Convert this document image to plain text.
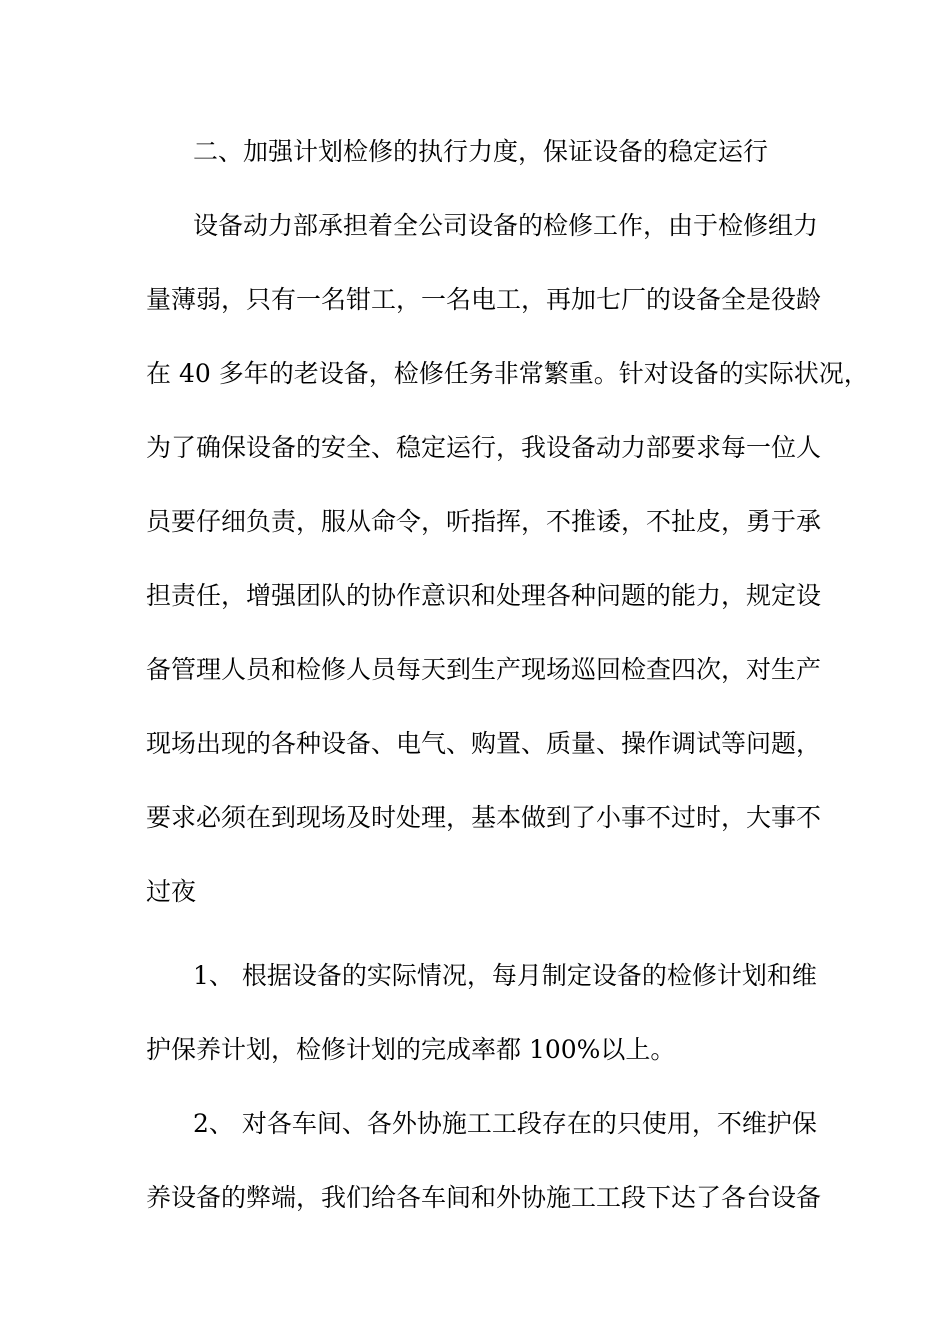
二、加强计划检修的执行力度，保证设备的稳定运行
设备动力部承担着全公司设备的检修工作，由于检修组力
量薄弱，只有一名钳工，一名电工，再加七厂的设备全是役龄
在 40 多年的老设备，检修任务非常繁重。针对设备的实际状况，
为了确保设备的安全、稳定运行，我设备动力部要求每一位人
员要仔细负责，服从命令，听指挥，不推诿，不扯皮，勇于承
担责任，增强团队的协作意识和处理各种问题的能力，规定设
备管理人员和检修人员每天到生产现场巡回检查四次，对生产
现场出现的各种设备、电气、购置、质量、操作调试等问题，
要求必须在到现场及时处理，基本做到了小事不过时，大事不
过夜
1、 根据设备的实际情况，每月制定设备的检修计划和维
护保养计划，检修计划的完成率都 100%以上。
2、 对各车间、各外协施工工段存在的只使用，不维护保
养设备的弊端，我们给各车间和外协施工工段下达了各台设备
